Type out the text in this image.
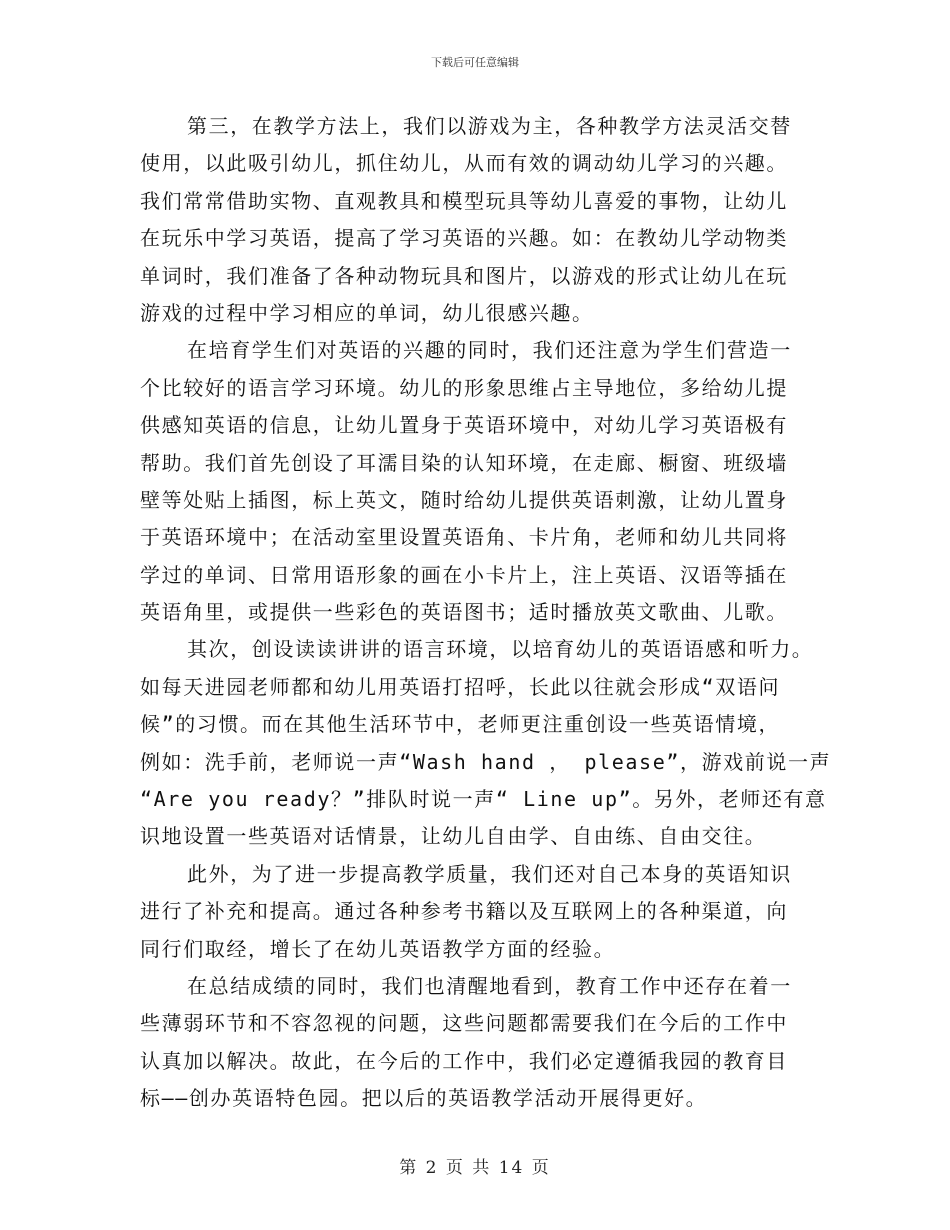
下载后可任意编辑
第三，在教学方法上，我们以游戏为主，各种教学方法灵活交替
使用，以此吸引幼儿，抓住幼儿，从而有效的调动幼儿学习的兴趣。
我们常常借助实物、直观教具和模型玩具等幼儿喜爱的事物，让幼儿
在玩乐中学习英语，提高了学习英语的兴趣。如：在教幼儿学动物类
单词时，我们准备了各种动物玩具和图片，以游戏的形式让幼儿在玩
游戏的过程中学习相应的单词，幼儿很感兴趣。
在培育学生们对英语的兴趣的同时，我们还注意为学生们营造一
个比较好的语言学习环境。幼儿的形象思维占主导地位，多给幼儿提
供感知英语的信息，让幼儿置身于英语环境中，对幼儿学习英语极有
帮助。我们首先创设了耳濡目染的认知环境，在走廊、橱窗、班级墙
壁等处贴上插图，标上英文，随时给幼儿提供英语刺激，让幼儿置身
于英语环境中；在活动室里设置英语角、卡片角，老师和幼儿共同将
学过的单词、日常用语形象的画在小卡片上，注上英语、汉语等插在
英语角里，或提供一些彩色的英语图书；适时播放英文歌曲、儿歌。
其次，创设读读讲讲的语言环境，以培育幼儿的英语语感和听力。
如每天进园老师都和幼儿用英语打招呼，长此以往就会形成“双语问
候”的习惯。而在其他生活环节中，老师更注重创设一些英语情境，
例如：洗手前，老师说一声“Wash hand ， please”，游戏前说一声
“Are you ready？”排队时说一声“ Line up”。另外，老师还有意
识地设置一些英语对话情景，让幼儿自由学、自由练、自由交往。
此外，为了进一步提高教学质量，我们还对自己本身的英语知识
进行了补充和提高。通过各种参考书籍以及互联网上的各种渠道，向
同行们取经，增长了在幼儿英语教学方面的经验。
在总结成绩的同时，我们也清醒地看到，教育工作中还存在着一
些薄弱环节和不容忽视的问题，这些问题都需要我们在今后的工作中
认真加以解决。故此，在今后的工作中，我们必定遵循我园的教育目
标——创办英语特色园。把以后的英语教学活动开展得更好。
第 2 页 共 14 页
